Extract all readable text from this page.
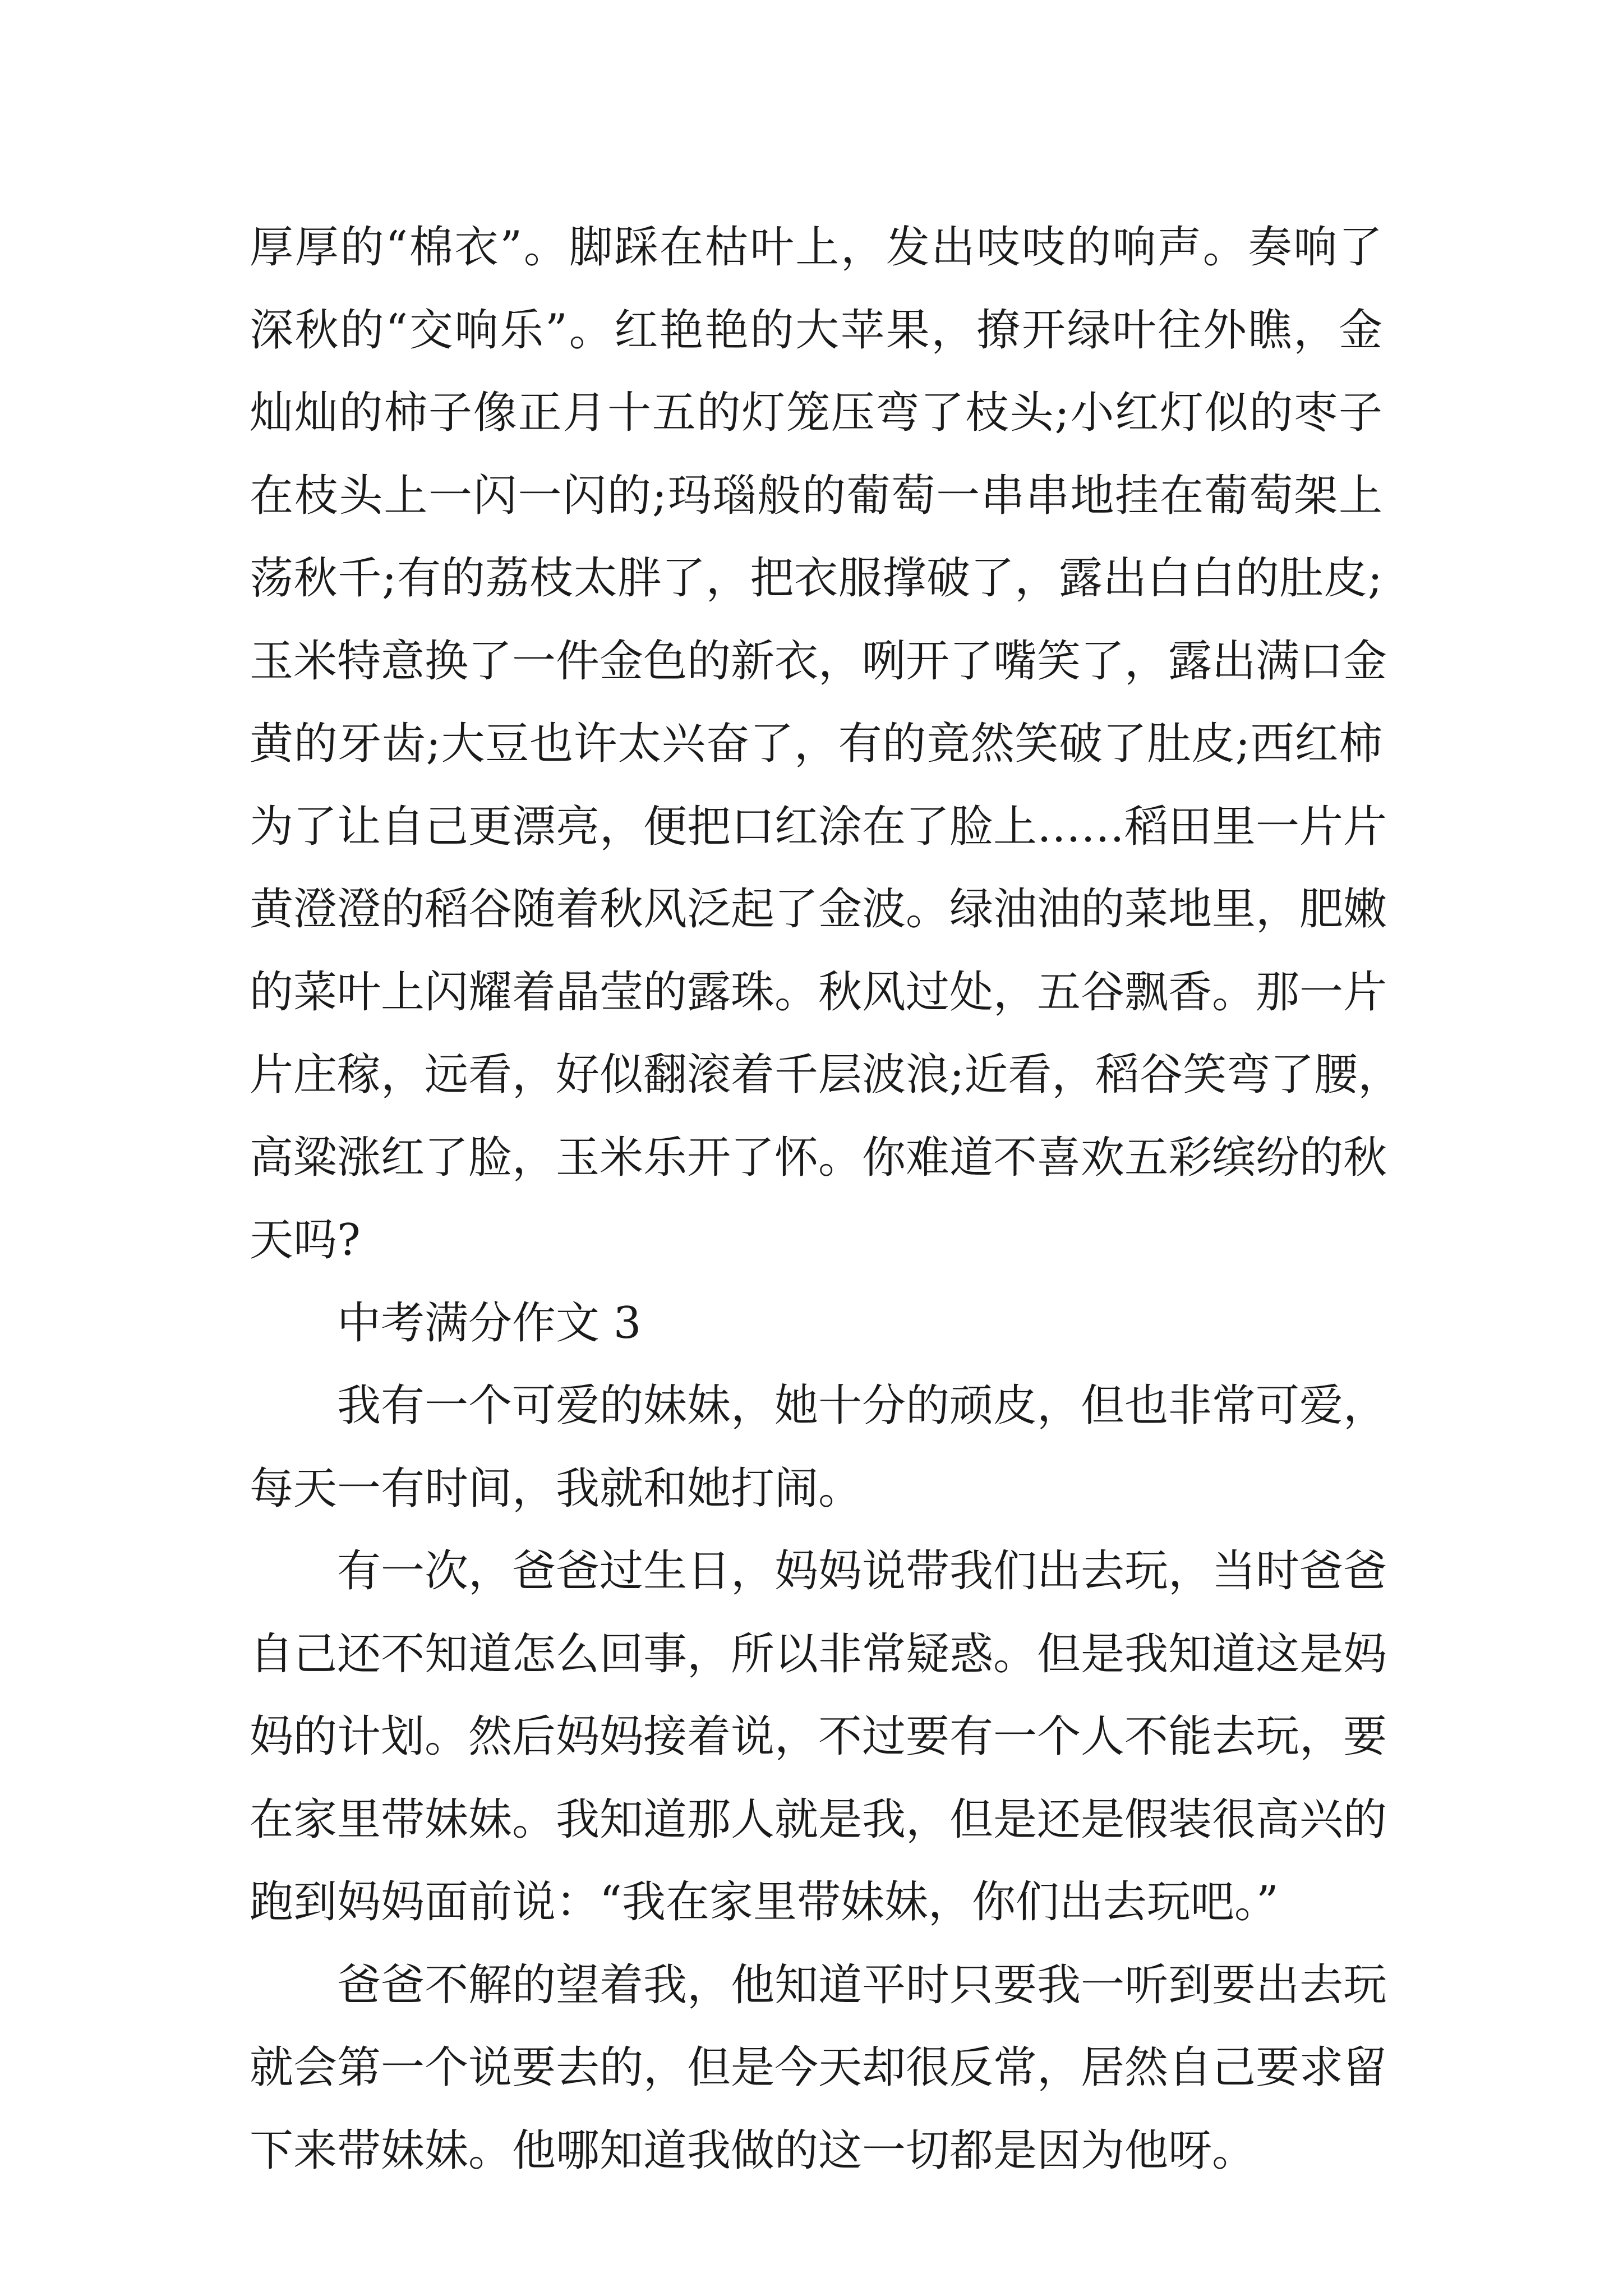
厚厚的“棉衣”。脚踩在枯叶上，发出吱吱的响声。奏响了
深秋的“交响乐”。红艳艳的大苹果，撩开绿叶往外瞧，金
灿灿的柿子像正月十五的灯笼压弯了枝头;小红灯似的枣子
在枝头上一闪一闪的;玛瑙般的葡萄一串串地挂在葡萄架上
荡秋千;有的荔枝太胖了，把衣服撑破了，露出白白的肚皮;
玉米特意换了一件金色的新衣，咧开了嘴笑了，露出满口金
黄的牙齿;大豆也许太兴奋了，有的竟然笑破了肚皮;西红柿
为了让自己更漂亮，便把口红涂在了脸上……稻田里一片片
黄澄澄的稻谷随着秋风泛起了金波。绿油油的菜地里，肥嫩
的菜叶上闪耀着晶莹的露珠。秋风过处，五谷飘香。那一片
片庄稼，远看，好似翻滚着千层波浪;近看，稻谷笑弯了腰，
高粱涨红了脸，玉米乐开了怀。你难道不喜欢五彩缤纷的秋
天吗?
中考满分作文 3
我有一个可爱的妹妹，她十分的顽皮，但也非常可爱，
每天一有时间，我就和她打闹。
有一次，爸爸过生日，妈妈说带我们出去玩，当时爸爸
自己还不知道怎么回事，所以非常疑惑。但是我知道这是妈
妈的计划。然后妈妈接着说，不过要有一个人不能去玩，要
在家里带妹妹。我知道那人就是我，但是还是假装很高兴的
跑到妈妈面前说：“我在家里带妹妹，你们出去玩吧。”
爸爸不解的望着我，他知道平时只要我一听到要出去玩
就会第一个说要去的，但是今天却很反常，居然自己要求留
下来带妹妹。他哪知道我做的这一切都是因为他呀。
